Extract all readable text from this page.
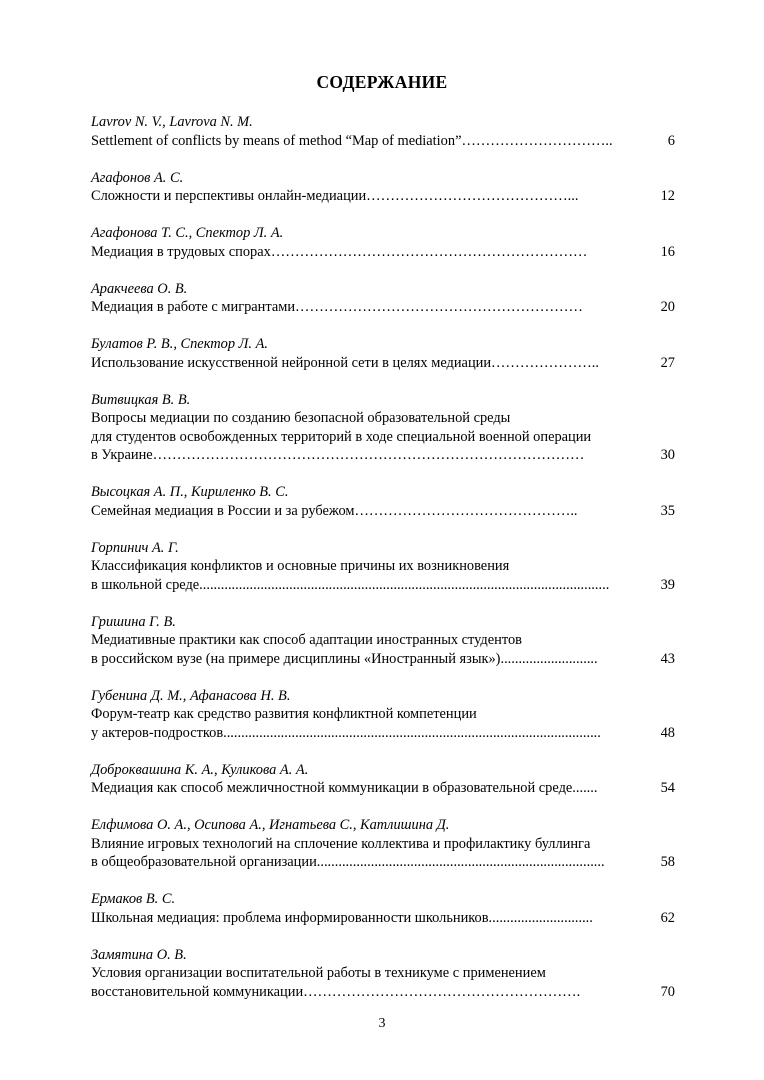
СОДЕРЖАНИЕ
Lavrov N. V., Lavrova N. M.
Settlement of conflicts by means of method “Map of mediation”…………………………..	6
Агафонов А. С.
Сложности и перспективы онлайн-медиации……………………………………...	12
Агафонова Т. С., Спектор Л. А.
Медиация в трудовых спорах…………………………………………………………	16
Аракчеева О. В.
Медиация в работе с мигрантами……………………………………………………	20
Булатов Р. В., Спектор Л. А.
Использование искусственной нейронной сети в целях медиации…………………..	27
Витвицкая В. В.
Вопросы медиации по созданию безопасной образовательной среды
для студентов освобожденных территорий в ходе специальной военной операции
в Украине………………………………………………………………………………	30
Высоцкая А. П., Кириленко В. С.
Семейная медиация в России и за рубежом………………………………………..	35
Горпинич А. Г.
Классификация конфликтов и основные причины их возникновения
в школьной среде..................................................................................................................	39
Гришина Г. В.
Медиативные практики как способ адаптации иностранных студентов
в российском вузе (на примере дисциплины «Иностранный язык»)...........................	43
Губенина Д. М., Афанасова Н. В.
Форум-театр как средство развития конфликтной компетенции
у актеров-подростков.........................................................................................................	48
Доброквашина К. А., Куликова А. А.
Медиация как способ межличностной коммуникации в образовательной среде.......	54
Елфимова О. А., Осипова А., Игнатьева С., Катлишина Д.
Влияние игровых технологий на сплочение коллектива и профилактику буллинга
в общеобразовательной организации................................................................................	58
Ермаков В. С.
Школьная медиация: проблема информированности школьников.............................	62
Замятина О. В.
Условия организации воспитательной работы в техникуме с применением
восстановительной коммуникации………………………………………………….	70
3
